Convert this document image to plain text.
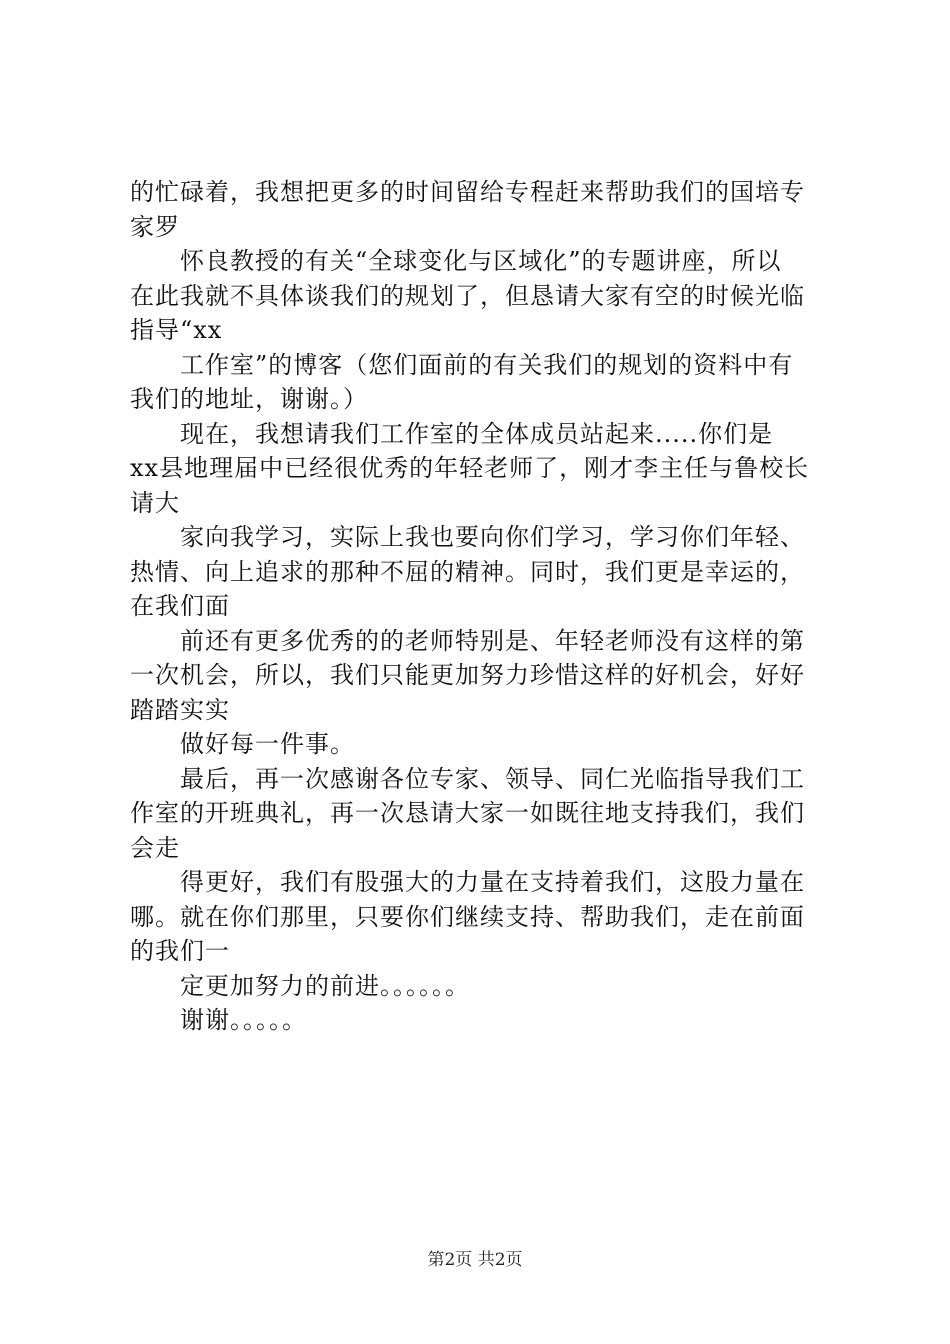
的忙碌着，我想把更多的时间留给专程赶来帮助我们的国培专
家罗
怀良教授的有关“全球变化与区域化”的专题讲座，所以
在此我就不具体谈我们的规划了，但恳请大家有空的时候光临
指导“xx
工作室”的博客（您们面前的有关我们的规划的资料中有
我们的地址，谢谢。）
现在，我想请我们工作室的全体成员站起来.....你们是
xx县地理届中已经很优秀的年轻老师了，刚才李主任与鲁校长
请大
家向我学习，实际上我也要向你们学习，学习你们年轻、
热情、向上追求的那种不屈的精神。同时，我们更是幸运的，
在我们面
前还有更多优秀的的老师特别是、年轻老师没有这样的第
一次机会，所以，我们只能更加努力珍惜这样的好机会，好好
踏踏实实
做好每一件事。
最后，再一次感谢各位专家、领导、同仁光临指导我们工
作室的开班典礼，再一次恳请大家一如既往地支持我们，我们
会走
得更好，我们有股强大的力量在支持着我们，这股力量在
哪。就在你们那里，只要你们继续支持、帮助我们，走在前面
的我们一
定更加努力的前进。。。。。。
谢谢。。。。。
第2页 共2页
